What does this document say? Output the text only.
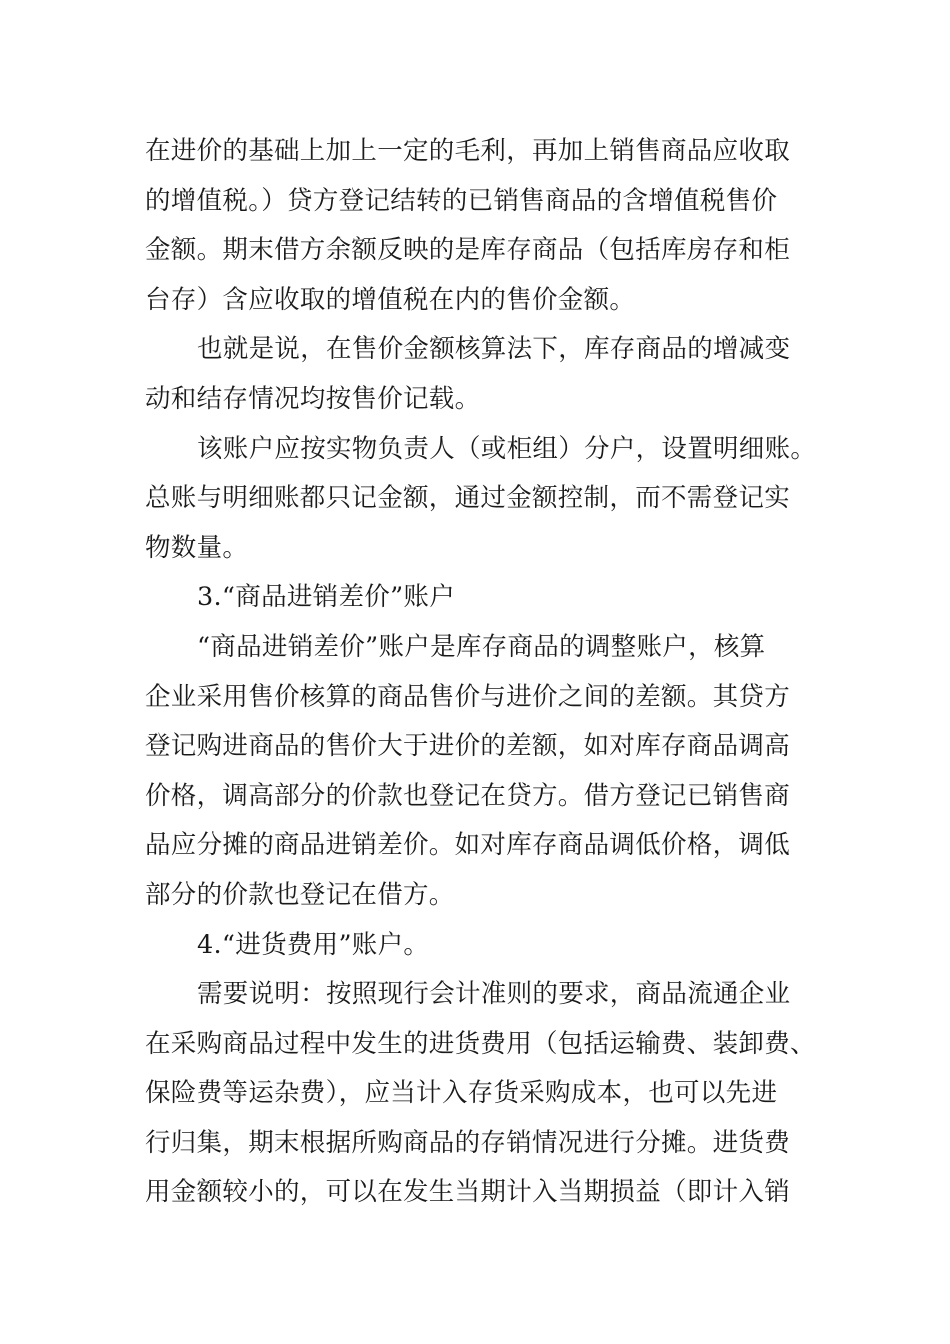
在进价的基础上加上一定的毛利，再加上销售商品应收取
的增值税。）贷方登记结转的已销售商品的含增值税售价
金额。期末借方余额反映的是库存商品（包括库房存和柜
台存）含应收取的增值税在内的售价金额。
也就是说，在售价金额核算法下，库存商品的增减变
动和结存情况均按售价记载。
该账户应按实物负责人（或柜组）分户，设置明细账。
总账与明细账都只记金额，通过金额控制，而不需登记实
物数量。
3.“商品进销差价”账户
“商品进销差价”账户是库存商品的调整账户，核算
企业采用售价核算的商品售价与进价之间的差额。其贷方
登记购进商品的售价大于进价的差额，如对库存商品调高
价格，调高部分的价款也登记在贷方。借方登记已销售商
品应分摊的商品进销差价。如对库存商品调低价格，调低
部分的价款也登记在借方。
4.“进货费用”账户。
需要说明：按照现行会计准则的要求，商品流通企业
在采购商品过程中发生的进货费用（包括运输费、装卸费、
保险费等运杂费），应当计入存货采购成本，也可以先进
行归集，期末根据所购商品的存销情况进行分摊。进货费
用金额较小的，可以在发生当期计入当期损益（即计入销
